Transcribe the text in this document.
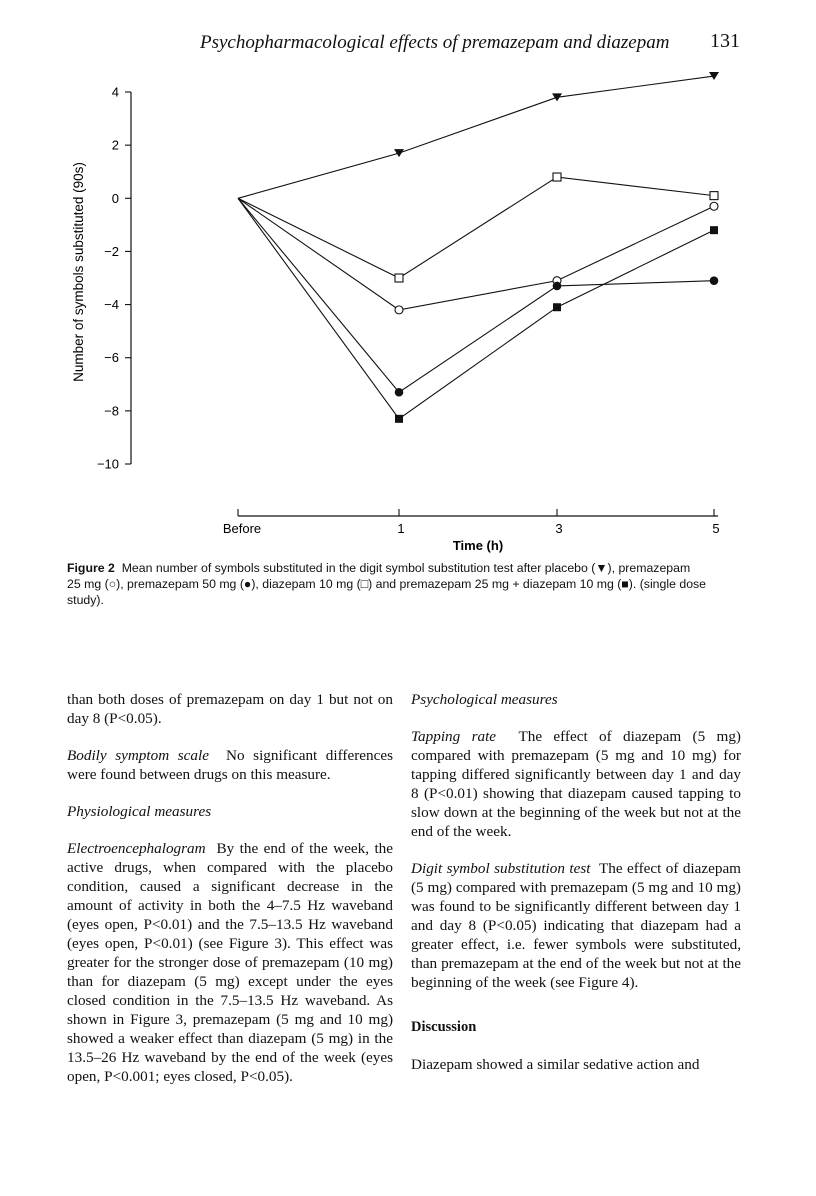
Psychopharmacological effects of premazepam and diazepam 131
4
2
0
−2
−4
−6
−8
−10
Before	1	3	5
Number of symbols substituted (90s)
Time (h)
Figure 2 Mean number of symbols substituted in the digit symbol substitution test after placebo (▼), premazepam 25 mg (○), premazepam 50 mg (●), diazepam 10 mg (□) and premazepam 25 mg + diazepam 10 mg (■). (single dose study).

than both doses of premazepam on day 1 but not on day 8 (P<0.05).

Bodily symptom scale No significant differences were found between drugs on this measure.

Physiological measures

Electroencephalogram By the end of the week, the active drugs, when compared with the placebo condition, caused a significant decrease in the amount of activity in both the 4–7.5 Hz waveband (eyes open, P<0.01) and the 7.5–13.5 Hz waveband (eyes open, P<0.01) (see Figure 3). This effect was greater for the stronger dose of premazepam (10 mg) than for diazepam (5 mg) except under the eyes closed condition in the 7.5–13.5 Hz waveband. As shown in Figure 3, premazepam (5 mg and 10 mg) showed a weaker effect than diazepam (5 mg) in the 13.5–26 Hz waveband by the end of the week (eyes open, P<0.001; eyes closed, P<0.05).

Psychological measures

Tapping rate The effect of diazepam (5 mg) compared with premazepam (5 mg and 10 mg) for tapping differed significantly between day 1 and day 8 (P<0.01) showing that diazepam caused tapping to slow down at the beginning of the week but not at the end of the week.

Digit symbol substitution test The effect of diazepam (5 mg) compared with premazepam (5 mg and 10 mg) was found to be significantly different between day 1 and day 8 (P<0.05) indicating that diazepam had a greater effect, i.e. fewer symbols were substituted, than premazepam at the end of the week but not at the beginning of the week (see Figure 4).

Discussion

Diazepam showed a similar sedative action and
